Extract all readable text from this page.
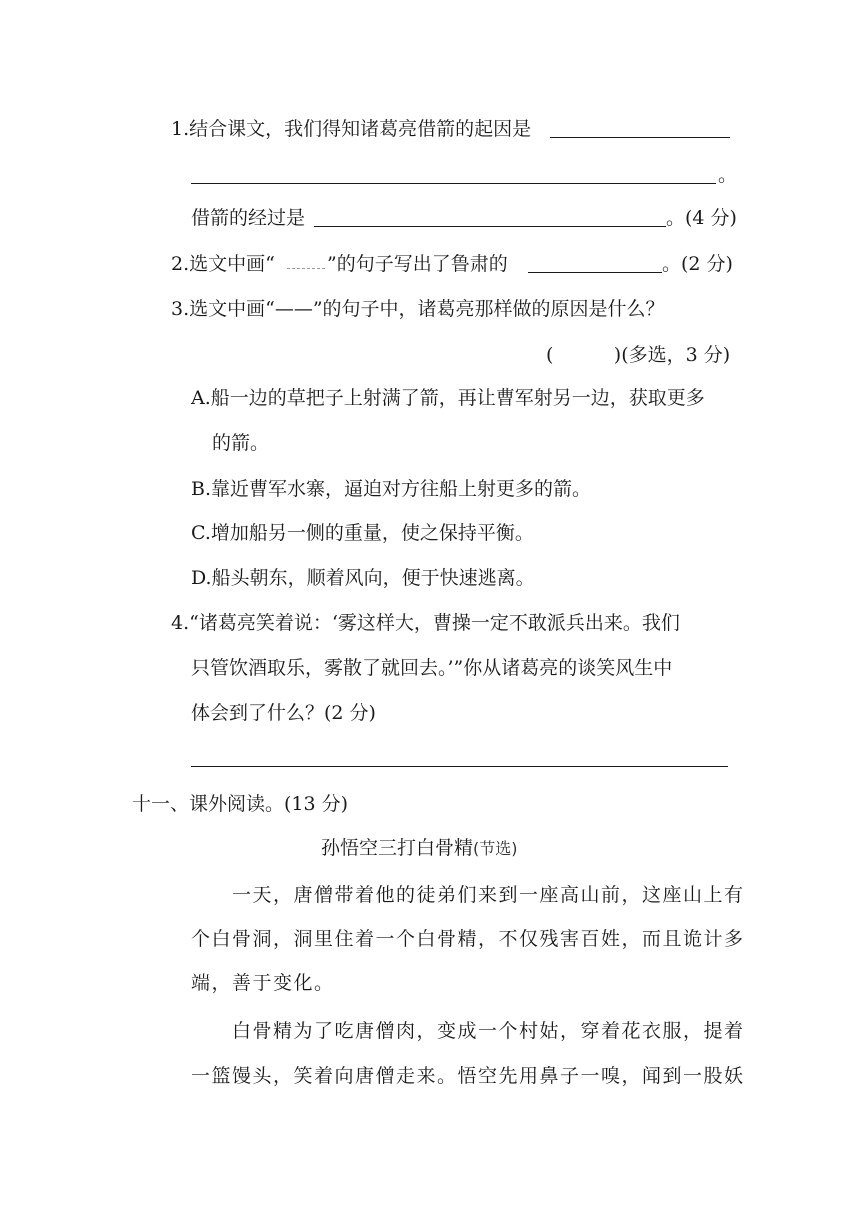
1.结合课文，我们得知诸葛亮借箭的起因是
。
借箭的经过是	。(4 分)
2.选文中画“	”的句子写出了鲁肃的	。(2 分)
3.选文中画“——”的句子中，诸葛亮那样做的原因是什么？
(          )(多选，3 分)
A.船一边的草把子上射满了箭，再让曹军射另一边，获取更多
的箭。
B.靠近曹军水寨，逼迫对方往船上射更多的箭。
C.增加船另一侧的重量，使之保持平衡。
D.船头朝东，顺着风向，便于快速逃离。
4.“诸葛亮笑着说：‘雾这样大，曹操一定不敢派兵出来。我们
只管饮酒取乐，雾散了就回去。’”你从诸葛亮的谈笑风生中
体会到了什么？(2 分)
十一、课外阅读。(13 分)
孙悟空三打白骨精(节选)
一天，唐僧带着他的徒弟们来到一座高山前，这座山上有
个白骨洞，洞里住着一个白骨精，不仅残害百姓，而且诡计多
端，善于变化。
白骨精为了吃唐僧肉，变成一个村姑，穿着花衣服，提着
一篮馒头，笑着向唐僧走来。悟空先用鼻子一嗅，闻到一股妖
